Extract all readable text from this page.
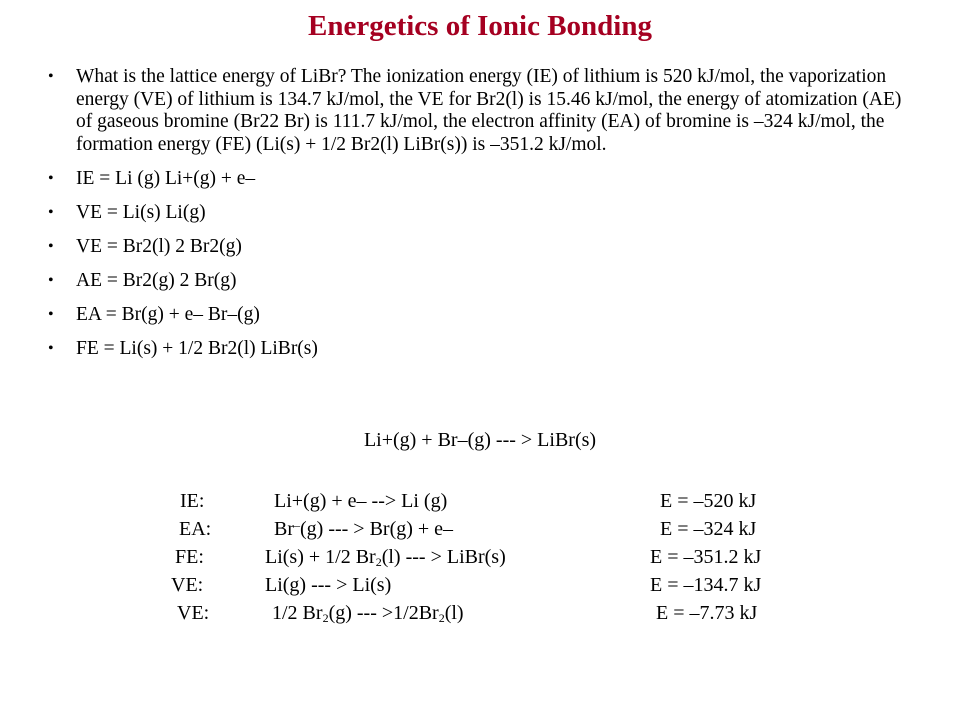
Energetics of Ionic Bonding
• What is the lattice energy of LiBr? The ionization energy (IE) of lithium is 520 kJ/mol, the vaporization energy (VE) of lithium is 134.7 kJ/mol, the VE for Br2(l) is 15.46 kJ/mol, the energy of atomization (AE) of gaseous bromine (Br22 Br) is 111.7 kJ/mol, the electron affinity (EA) of bromine is –324 kJ/mol, the formation energy (FE) (Li(s) + 1/2 Br2(l) LiBr(s)) is –351.2 kJ/mol.
• IE = Li (g) Li+(g) + e–
• VE = Li(s) Li(g)
• VE = Br2(l) 2 Br2(g)
• AE = Br2(g) 2 Br(g)
• EA = Br(g) + e– Br–(g)
• FE = Li(s) + 1/2 Br2(l) LiBr(s)
Li+(g) + Br–(g) --- > LiBr(s)
IE:	Li+(g) + e– --> Li (g)	E = –520 kJ
EA:	Br–(g) --- > Br(g) + e–	E = –324 kJ
FE:	Li(s) + 1/2 $Br_2(l)$ --- > LiBr(s)	E = –351.2 kJ
VE:	Li(g) --- > Li(s)	E = –134.7 kJ
VE:	1/2 $Br_2(g)$ --- $>1/2Br_2(l)$	E = –7.73 kJ
